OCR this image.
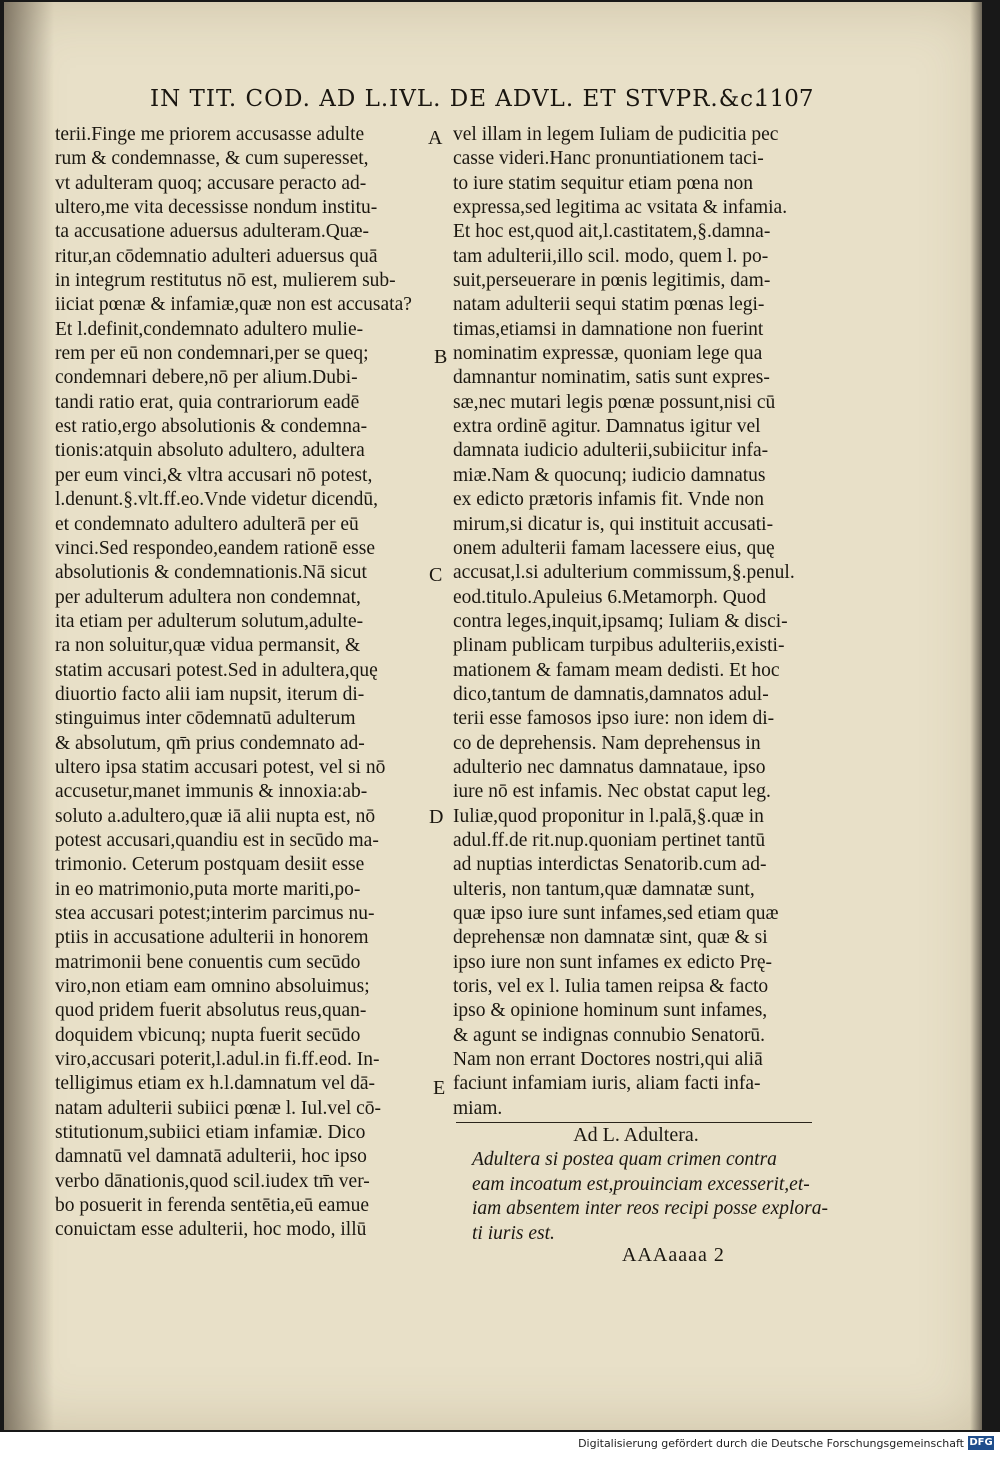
IN TIT. COD. AD L.IVL. DE ADVL. ET STVPR.&c.
1107
terii.Finge me priorem accusasse adulte
rum & condemnasse, & cum superesset,
vt adulteram quoq; accusare peracto ad-
ultero,me vita decessisse nondum institu-
ta accusatione aduersus adulteram.Quæ-
ritur,an cōdemnatio adulteri aduersus quā
in integrum restitutus nō est, mulierem sub-
iiciat pœnæ & infamiæ,quæ non est accusata?
Et l.definit,condemnato adultero mulie-
rem per eū non condemnari,per se queq;
condemnari debere,nō per alium.Dubi-
tandi ratio erat, quia contrariorum eadē
est ratio,ergo absolutionis & condemna-
tionis:atquin absoluto adultero, adultera
per eum vinci,& vltra accusari nō potest,
l.denunt.§.vlt.ff.eo.Vnde videtur dicendū,
et condemnato adultero adulterā per eū
vinci.Sed respondeo,eandem rationē esse
absolutionis & condemnationis.Nā sicut
per adulterum adultera non condemnat,
ita etiam per adulterum solutum,adulte-
ra non soluitur,quæ vidua permansit, &
statim accusari potest.Sed in adultera,quę
diuortio facto alii iam nupsit, iterum di-
stinguimus inter cōdemnatū adulterum
& absolutum, qm̄ prius condemnato ad-
ultero ipsa statim accusari potest, vel si nō
accusetur,manet immunis & innoxia:ab-
soluto a.adultero,quæ iā alii nupta est, nō
potest accusari,quandiu est in secūdo ma-
trimonio. Ceterum postquam desiit esse
in eo matrimonio,puta morte mariti,po-
stea accusari potest;interim parcimus nu-
ptiis in accusatione adulterii in honorem
matrimonii bene conuentis cum secūdo
viro,non etiam eam omnino absoluimus;
quod pridem fuerit absolutus reus,quan-
doquidem vbicunq; nupta fuerit secūdo
viro,accusari poterit,l.adul.in fi.ff.eod. In-
telligimus etiam ex h.l.damnatum vel dā-
natam adulterii subiici pœnæ l. Iul.vel cō-
stitutionum,subiici etiam infamiæ. Dico
damnatū vel damnatā adulterii, hoc ipso
verbo dānationis,quod scil.iudex tm̄ ver-
bo posuerit in ferenda sentētia,eū eamue
conuictam esse adulterii, hoc modo, illū
vel illam in legem Iuliam de pudicitia pec
casse videri.Hanc pronuntiationem taci-
to iure statim sequitur etiam pœna non
expressa,sed legitima ac vsitata & infamia.
Et hoc est,quod ait,l.castitatem,§.damna-
tam adulterii,illo scil. modo, quem l. po-
suit,perseuerare in pœnis legitimis, dam-
natam adulterii sequi statim pœnas legi-
timas,etiamsi in damnatione non fuerint
nominatim expressæ, quoniam lege qua
damnantur nominatim, satis sunt expres-
sæ,nec mutari legis pœnæ possunt,nisi cū
extra ordinē agitur. Damnatus igitur vel
damnata iudicio adulterii,subiicitur infa-
miæ.Nam & quocunq; iudicio damnatus
ex edicto prætoris infamis fit. Vnde non
mirum,si dicatur is, qui instituit accusati-
onem adulterii famam lacessere eius, quę
accusat,l.si adulterium commissum,§.penul.
eod.titulo.Apuleius 6.Metamorph. Quod
contra leges,inquit,ipsamq; Iuliam & disci-
plinam publicam turpibus adulteriis,existi-
mationem & famam meam dedisti. Et hoc
dico,tantum de damnatis,damnatos adul-
terii esse famosos ipso iure: non idem di-
co de deprehensis. Nam deprehensus in
adulterio nec damnatus damnataue, ipso
iure nō est infamis. Nec obstat caput leg.
Iuliæ,quod proponitur in l.palā,§.quæ in
adul.ff.de rit.nup.quoniam pertinet tantū
ad nuptias interdictas Senatorib.cum ad-
ulteris, non tantum,quæ damnatæ sunt,
quæ ipso iure sunt infames,sed etiam quæ
deprehensæ non damnatæ sint, quæ & si
ipso iure non sunt infames ex edicto Prę-
toris, vel ex l. Iulia tamen reipsa & facto
ipso & opinione hominum sunt infames,
& agunt se indignas connubio Senatorū.
Nam non errant Doctores nostri,qui aliā
faciunt infamiam iuris, aliam facti infa-
miam.
A
B
C
D
E
Ad L. Adultera.
Adultera si postea quam crimen contra
eam incoatum est,prouinciam excesserit,et-
iam absentem inter reos recipi posse explora-
ti iuris est.
AAAaaaa 2
Digitalisierung gefördert durch die Deutsche Forschungsgemeinschaft DFG
